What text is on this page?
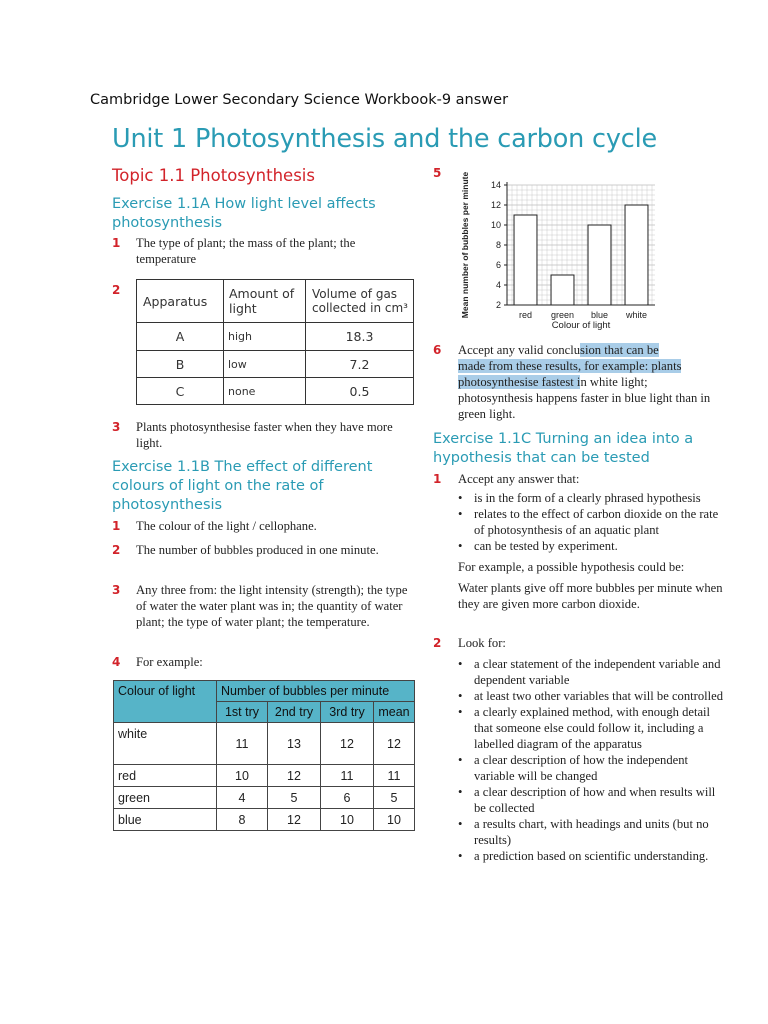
Cambridge Lower Secondary Science Workbook-9 answer
Unit 1 Photosynthesis and the carbon cycle
Topic 1.1 Photosynthesis
Exercise 1.1A How light level affects photosynthesis
1 The type of plant; the mass of the plant; the temperature
2
Apparatus	Amount of light	Volume of gas collected in cm³
A	high	18.3
B	low	7.2
C	none	0.5
3 Plants photosynthesise faster when they have more light.
Exercise 1.1B The effect of different colours of light on the rate of photosynthesis
1 The colour of the light / cellophane.
2 The number of bubbles produced in one minute.
3 Any three from: the light intensity (strength); the type of water the water plant was in; the quantity of water plant; the type of water plant; the temperature.
4 For example:
Colour of light	Number of bubbles per minute			
	1st try	2nd try	3rd try	mean
white	11	13	12	12
red	10	12	11	11
green	4	5	6	5
blue	8	12	10	10
5
red green blue white
2
4
6
8
10
12
14
Mean number of bubbles per minute
Colour of light
6 Accept any valid conclusion that can be
made from these results, for example: plants
photosynthesise fastest in white light;
photosynthesis happens faster in blue light than in green light.
Exercise 1.1C Turning an idea into a hypothesis that can be tested
1 Accept any answer that:
• is in the form of a clearly phrased hypothesis
• relates to the effect of carbon dioxide on the rate of photosynthesis of an aquatic plant
• can be tested by experiment.
For example, a possible hypothesis could be:
Water plants give off more bubbles per minute when they are given more carbon dioxide.
2 Look for:
• a clear statement of the independent variable and dependent variable
• at least two other variables that will be controlled
• a clearly explained method, with enough detail that someone else could follow it, including a labelled diagram of the apparatus
• a clear description of how the independent variable will be changed
• a clear description of how and when results will be collected
• a results chart, with headings and units (but no results)
• a prediction based on scientific understanding.
